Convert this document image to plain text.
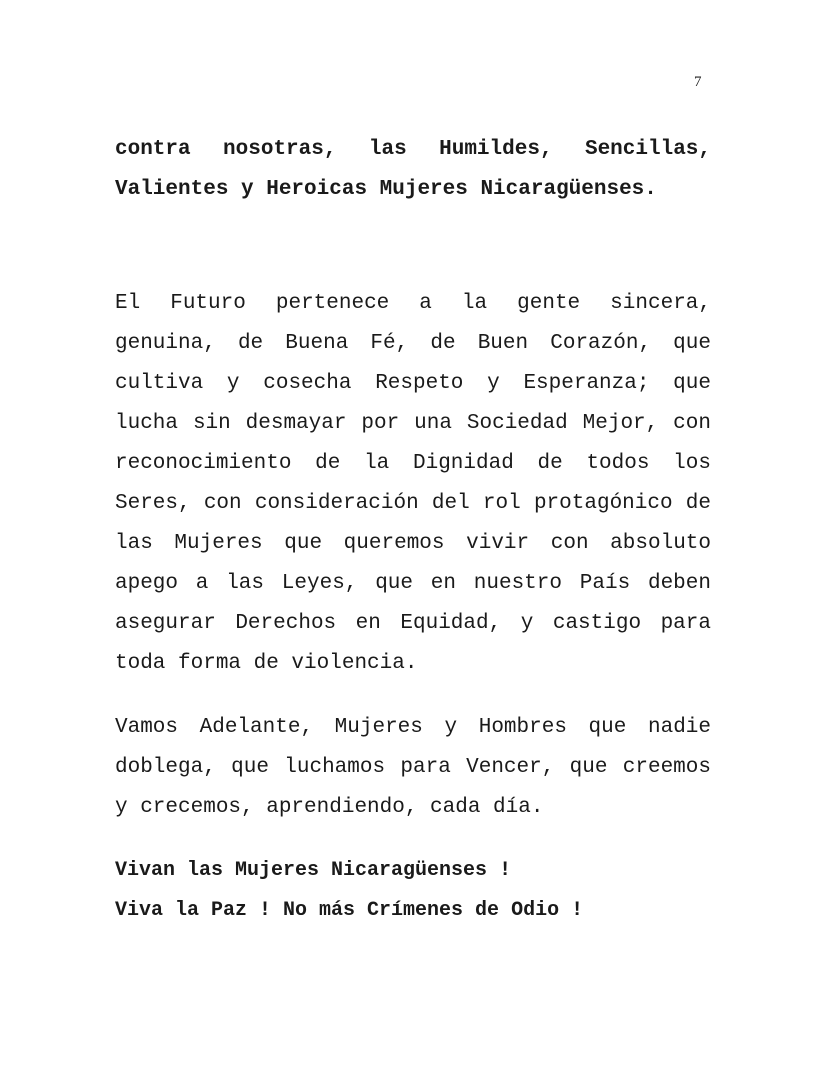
7

contra nosotras, las Humildes, Sencillas, Valientes y Heroicas Mujeres Nicaragüenses.

El Futuro pertenece a la gente sincera, genuina, de Buena Fé, de Buen Corazón, que cultiva y cosecha Respeto y Esperanza; que lucha sin desmayar por una Sociedad Mejor, con reconocimiento de la Dignidad de todos los Seres, con consideración del rol protagónico de las Mujeres que queremos vivir con absoluto apego a las Leyes, que en nuestro País deben asegurar Derechos en Equidad, y castigo para toda forma de violencia.

Vamos Adelante, Mujeres y Hombres que nadie doblega, que luchamos para Vencer, que creemos y crecemos, aprendiendo, cada día.

Vivan las Mujeres Nicaragüenses !
Viva la Paz ! No más Crímenes de Odio !
